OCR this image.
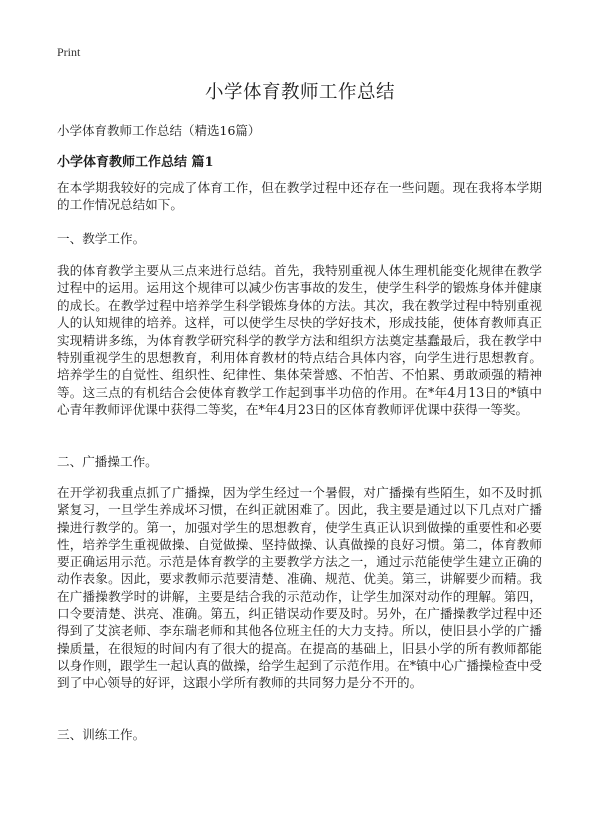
Print
小学体育教师工作总结

小学体育教师工作总结（精选16篇）

小学体育教师工作总结 篇1

在本学期我较好的完成了体育工作，但在教学过程中还存在一些问题。现在我将本学期的工作情况总结如下。

一、教学工作。

我的体育教学主要从三点来进行总结。首先，我特别重视人体生理机能变化规律在教学过程中的运用。运用这个规律可以减少伤害事故的发生，使学生科学的锻炼身体并健康的成长。在教学过程中培养学生科学锻炼身体的方法。其次，我在教学过程中特别重视人的认知规律的培养。这样，可以使学生尽快的学好技术，形成技能，使体育教师真正实现精讲多练，为体育教学研究科学的教学方法和组织方法奠定基蠢最后，我在教学中特别重视学生的思想教育，利用体育教材的特点结合具体内容，向学生进行思想教育。培养学生的自觉性、组织性、纪律性、集体荣誉感、不怕苦、不怕累、勇敢顽强的精神等。这三点的有机结合会使体育教学工作起到事半功倍的作用。在*年4月13日的*镇中心青年教师评优课中获得二等奖，在*年4月23日的区体育教师评优课中获得一等奖。

二、广播操工作。

在开学初我重点抓了广播操，因为学生经过一个暑假，对广播操有些陌生，如不及时抓紧复习，一旦学生养成坏习惯，在纠正就困难了。因此，我主要是通过以下几点对广播操进行教学的。第一，加强对学生的思想教育，使学生真正认识到做操的重要性和必要性，培养学生重视做操、自觉做操、坚持做操、认真做操的良好习惯。第二，体育教师要正确运用示范。示范是体育教学的主要教学方法之一，通过示范能使学生建立正确的动作表象。因此，要求教师示范要清楚、准确、规范、优美。第三，讲解要少而精。我在广播操教学时的讲解，主要是结合我的示范动作，让学生加深对动作的理解。第四，口令要清楚、洪亮、准确。第五，纠正错误动作要及时。另外，在广播操教学过程中还得到了艾滨老师、李东瑞老师和其他各位班主任的大力支持。所以，使旧县小学的广播操质量，在很短的时间内有了很大的提高。在提高的基础上，旧县小学的所有教师都能以身作则，跟学生一起认真的做操，给学生起到了示范作用。在*镇中心广播操检查中受到了中心领导的好评，这跟小学所有教师的共同努力是分不开的。

三、训练工作。
